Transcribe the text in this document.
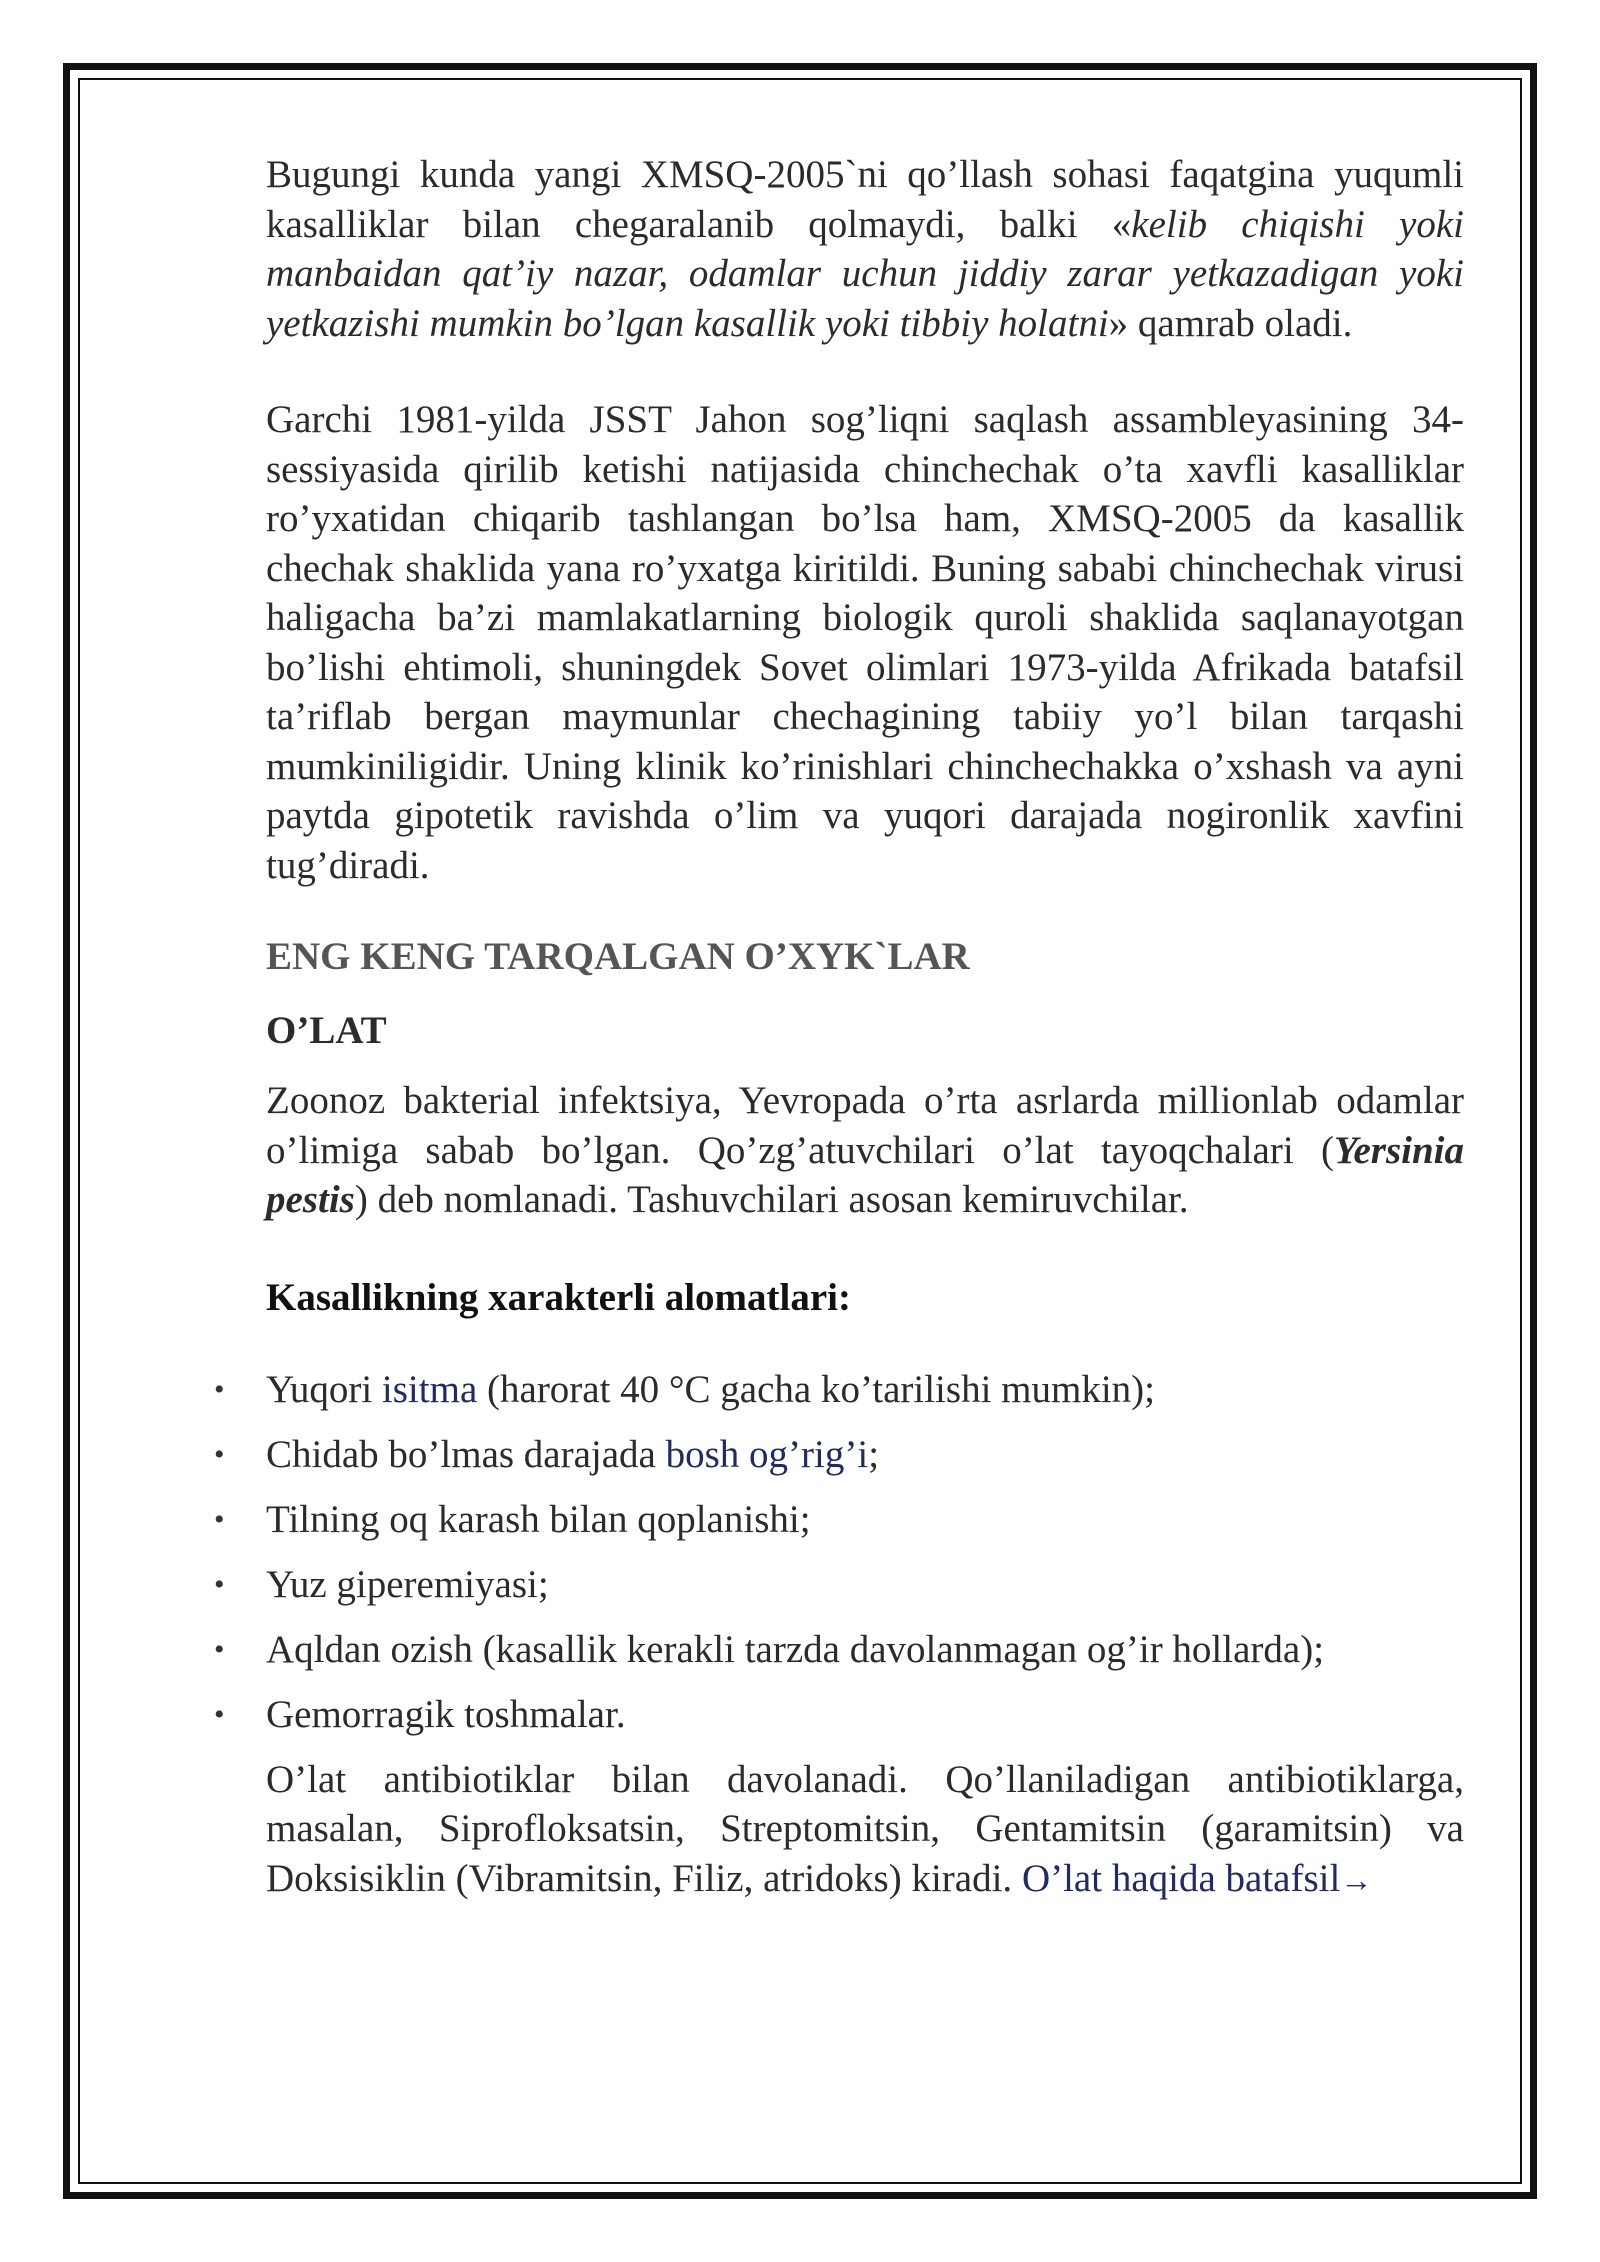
Bugungi kunda yangi XMSQ-2005`ni qo’llash sohasi faqatgina yuqumli kasalliklar bilan chegaralanib qolmaydi, balki «kelib chiqishi yoki manbaidan qat’iy nazar, odamlar uchun jiddiy zarar yetkazadigan yoki yetkazishi mumkin bo’lgan kasallik yoki tibbiy holatni» qamrab oladi.

Garchi 1981-yilda JSST Jahon sog’liqni saqlash assambleyasining 34-sessiyasida qirilib ketishi natijasida chinchechak o’ta xavfli kasalliklar ro’yxatidan chiqarib tashlangan bo’lsa ham, XMSQ-2005 da kasallik chechak shaklida yana ro’yxatga kiritildi. Buning sababi chinchechak virusi haligacha ba’zi mamlakatlarning biologik quroli shaklida saqlanayotgan bo’lishi ehtimoli, shuningdek Sovet olimlari 1973-yilda Afrikada batafsil ta’riflab bergan maymunlar chechagining tabiiy yo’l bilan tarqashi mumkiniligidir. Uning klinik ko’rinishlari chinchechakka o’xshash va ayni paytda gipotetik ravishda o’lim va yuqori darajada nogironlik xavfini tug’diradi.

ENG KENG TARQALGAN O’XYK`LAR
O’LAT

Zoonoz bakterial infektsiya, Yevropada o’rta asrlarda millionlab odamlar o’limiga sabab bo’lgan. Qo’zg’atuvchilari o’lat tayoqchalari (Yersinia pestis) deb nomlanadi. Tashuvchilari asosan kemiruvchilar.

Kasallikning xarakterli alomatlari:
• Yuqori isitma (harorat 40 °C gacha ko’tarilishi mumkin);
• Chidab bo’lmas darajada bosh og’rig’i;
• Tilning oq karash bilan qoplanishi;
• Yuz giperemiyasi;
• Aqldan ozish (kasallik kerakli tarzda davolanmagan og’ir hollarda);
• Gemorragik toshmalar.

O’lat antibiotiklar bilan davolanadi. Qo’llaniladigan antibiotiklarga, masalan, Siprofloksatsin, Streptomitsin, Gentamitsin (garamitsin) va Doksisiklin (Vibramitsin, Filiz, atridoks) kiradi. O’lat haqida batafsil→
